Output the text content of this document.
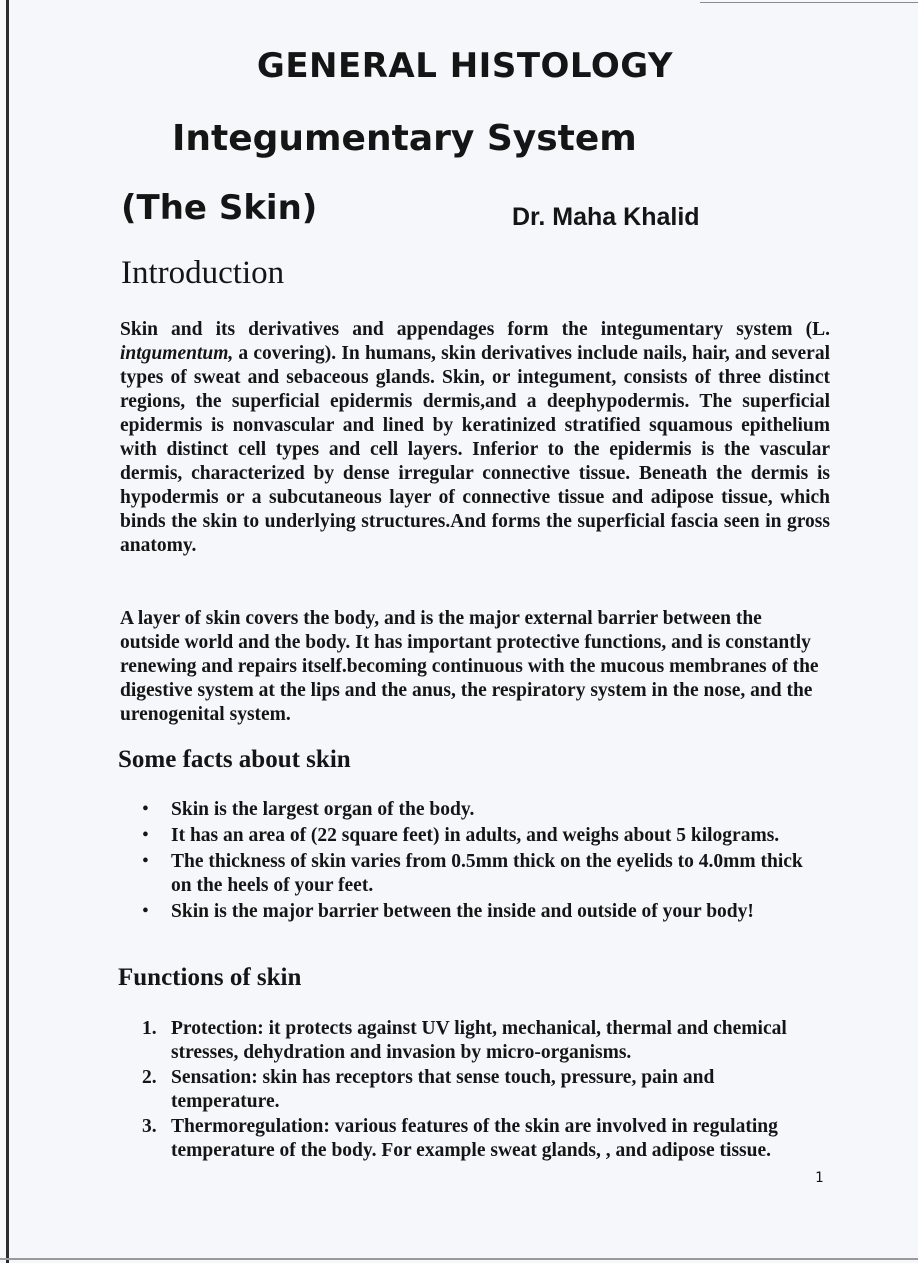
GENERAL HISTOLOGY
Integumentary System
(The Skin)	Dr. Maha Khalid
Introduction

Skin and its derivatives and appendages form the integumentary system (L. intgumentum, a covering). In humans, skin derivatives include nails, hair, and several types of sweat and sebaceous glands. Skin, or integument, consists of three distinct regions, the superficial epidermis dermis,and a deephypodermis. The superficial epidermis is nonvascular and lined by keratinized stratified squamous epithelium with distinct cell types and cell layers. Inferior to the epidermis is the vascular dermis, characterized by dense irregular connective tissue. Beneath the dermis is hypodermis or a subcutaneous layer of connective tissue and adipose tissue, which binds the skin to underlying structures.And forms the superficial fascia seen in gross anatomy.

A layer of skin covers the body, and is the major external barrier between the outside world and the body. It has important protective functions, and is constantly renewing and repairs itself.becoming continuous with the mucous membranes of the digestive system at the lips and the anus, the respiratory system in the nose, and the urenogenital system.

Some facts about skin
• Skin is the largest organ of the body.
• It has an area of (22 square feet) in adults, and weighs about 5 kilograms.
• The thickness of skin varies from 0.5mm thick on the eyelids to 4.0mm thick on the heels of your feet.
• Skin is the major barrier between the inside and outside of your body!
Functions of skin
1. Protection: it protects against UV light, mechanical, thermal and chemical stresses, dehydration and invasion by micro-organisms.
2. Sensation: skin has receptors that sense touch, pressure, pain and temperature.
3. Thermoregulation: various features of the skin are involved in regulating temperature of the body. For example sweat glands, , and adipose tissue.
1
